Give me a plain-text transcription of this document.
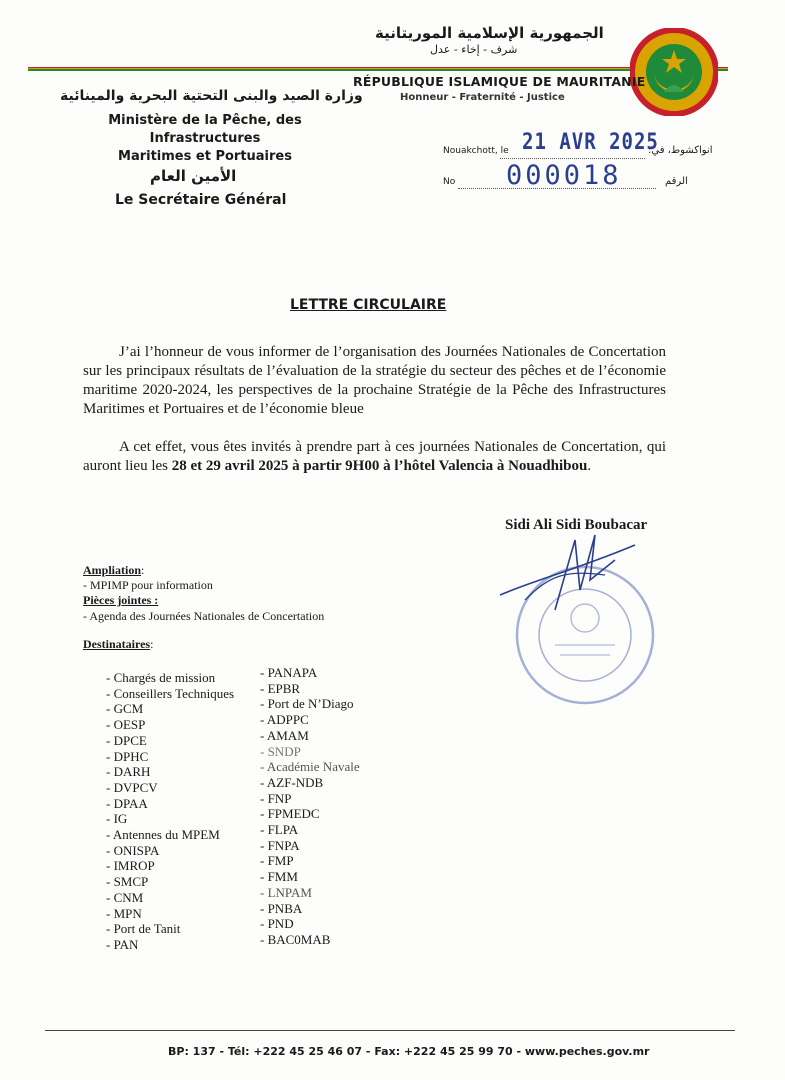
الجمهورية الإسلامية الموريتانية
شرف - إخاء - عدل
RÉPUBLIQUE ISLAMIQUE DE MAURITANIE
Honneur - Fraternité - Justice
وزارة الصيد والبنى التحتية البحرية والمينائية
Ministère de la Pêche, des Infrastructures
Maritimes et Portuaires
الأمين العام
Le Secrétaire Général
Nouakchott, le 21 AVR 2025
انواكشوط، في:
No 000018	الرقم
LETTRE CIRCULAIRE
J’ai l’honneur de vous informer de l’organisation des Journées Nationales de Concertation sur les principaux résultats de l’évaluation de la stratégie du secteur des pêches et de l’économie maritime 2020-2024, les perspectives de la prochaine Stratégie de la Pêche des Infrastructures Maritimes et Portuaires et de l’économie bleue
A cet effet, vous êtes invités à prendre part à ces journées Nationales de Concertation, qui auront lieu les 28 et 29 avril 2025 à partir 9H00 à l’hôtel Valencia à Nouadhibou.
Sidi Ali Sidi Boubacar
Ampliation:
- MPIMP pour information
Pièces jointes :
- Agenda des Journées Nationales de Concertation
Destinataires:
- Chargés de mission
- Conseillers Techniques
- GCM
- OESP
- DPCE
- DPHC
- DARH
- DVPCV
- DPAA
- IG
- Antennes du MPEM
- ONISPA
- IMROP
- SMCP
- CNM
- MPN
- Port de Tanit
- PAN
- PANAPA
- EPBR
- Port de N’Diago
- ADPPC
- AMAM
- SNDP
- Académie Navale
- AZF-NDB
- FNP
- FPMEDC
- FLPA
- FNPA
- FMP
- FMM
- LNPAM
- PNBA
- PND
- BAC0MAB
BP: 137 - Tél: +222 45 25 46 07 - Fax: +222 45 25 99 70 - www.peches.gov.mr
